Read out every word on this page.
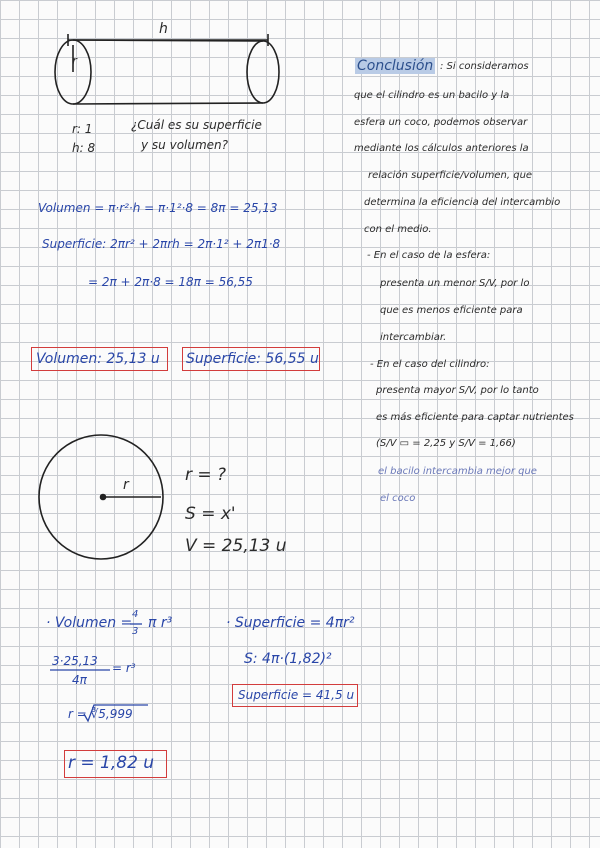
h
r
r: 1
h: 8
¿Cuál es su superficie
y su volumen?
Volumen = π·r²·h = π·1²·8 = 8π = 25,13
Superficie: 2πr² + 2πrh = 2π·1² + 2π1·8
= 2π + 2π·8 = 18π = 56,55
Volumen: 25,13 u Superficie: 56,55 u
Conclusión : Si consideramos
que el cilindro es un bacilo y la
esfera un coco, podemos observar
mediante los cálculos anteriores la
relación superficie/volumen, que
determina la eficiencia del intercambio
con el medio.
- En el caso de la esfera:
presenta un menor S/V, por lo
que es menos eficiente para
intercambiar.
- En el caso del cilindro:
presenta mayor S/V, por lo tanto
es más eficiente para captar nutrientes
(S/V ▭ = 2,25 y S/V = 1,66)
el bacilo intercambia mejor que
el coco
r	r = ?
S = x'
V = 25,13 u
· Volumen =
4
3
π r³
3·25,13
4π
= r³
r = ∛5,999
r = 1,82 u
· Superficie = 4πr²
S: 4π·(1,82)²
Superficie = 41,5 u
